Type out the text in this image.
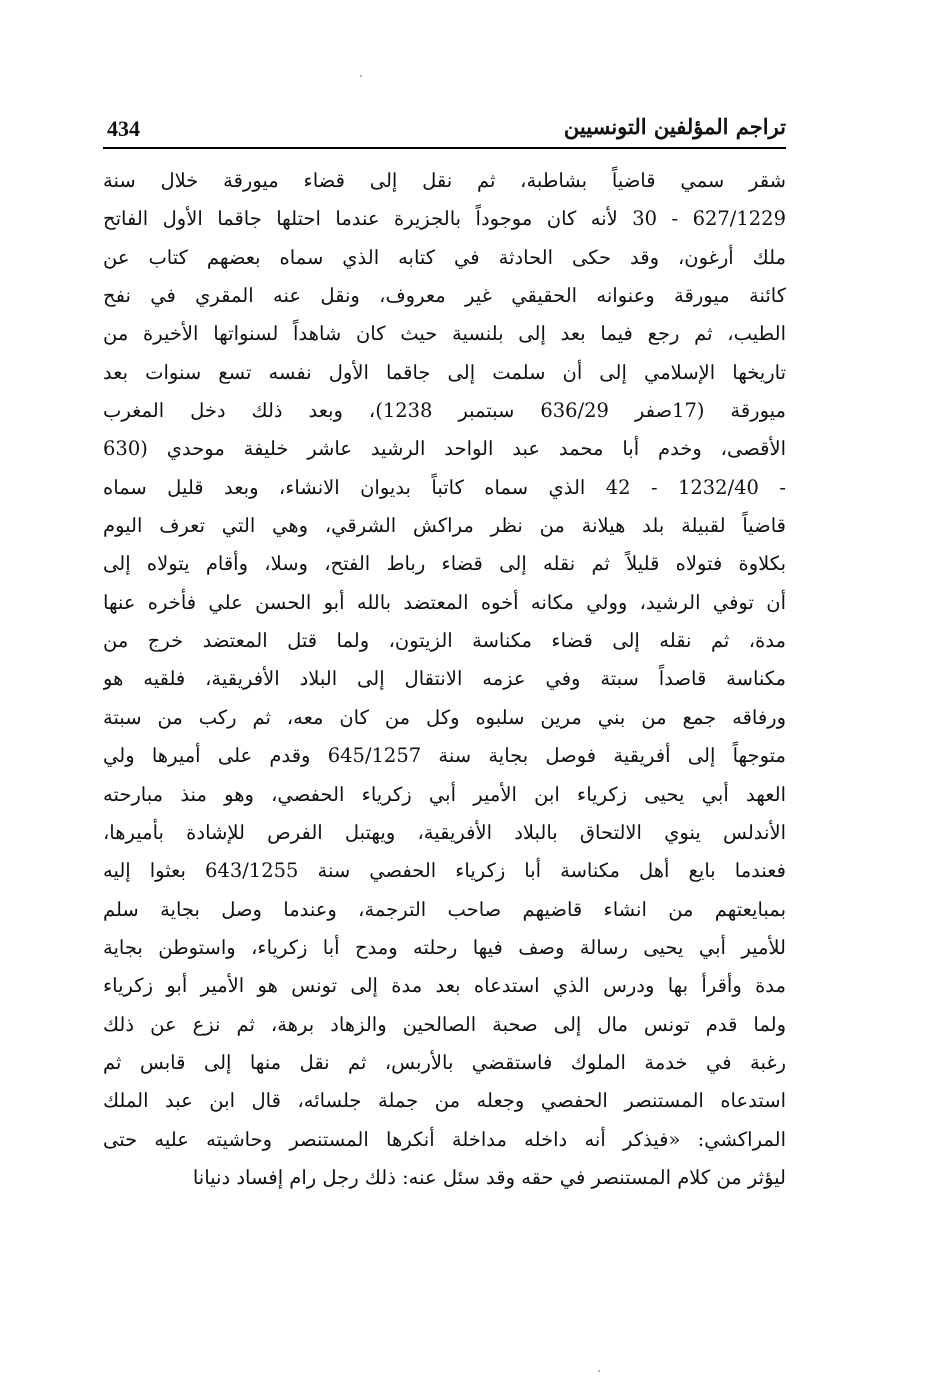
تراجم المؤلفين التونسيين
434
شقر سمي قاضياً بشاطبة، ثم نقل إلى قضاء ميورقة خلال سنة
627/1229 - 30 لأنه كان موجوداً بالجزيرة عندما احتلها جاقما الأول الفاتح
ملك أرغون، وقد حكى الحادثة في كتابه الذي سماه بعضهم كتاب عن
كائنة ميورقة وعنوانه الحقيقي غير معروف، ونقل عنه المقري في نفح
الطيب، ثم رجع فيما بعد إلى بلنسية حيث كان شاهداً لسنواتها الأخيرة من
تاريخها الإسلامي إلى أن سلمت إلى جاقما الأول نفسه تسع سنوات بعد
ميورقة (17صفر 636/29 سبتمبر 1238)، وبعد ذلك دخل المغرب
الأقصى، وخدم أبا محمد عبد الواحد الرشيد عاشر خليفة موحدي (630
- 1232/40 - 42 الذي سماه كاتباً بديوان الانشاء، وبعد قليل سماه
قاضياً لقبيلة بلد هيلانة من نظر مراكش الشرقي، وهي التي تعرف اليوم
بكلاوة فتولاه قليلاً ثم نقله إلى قضاء رباط الفتح، وسلا، وأقام يتولاه إلى
أن توفي الرشيد، وولي مكانه أخوه المعتضد بالله أبو الحسن علي فأخره عنها
مدة، ثم نقله إلى قضاء مكناسة الزيتون، ولما قتل المعتضد خرج من
مكناسة قاصداً سبتة وفي عزمه الانتقال إلى البلاد الأفريقية، فلقيه هو
ورفاقه جمع من بني مرين سلبوه وكل من كان معه، ثم ركب من سبتة
متوجهاً إلى أفريقية فوصل بجاية سنة 645/1257 وقدم على أميرها ولي
العهد أبي يحيى زكرياء ابن الأمير أبي زكرياء الحفصي، وهو منذ مبارحته
الأندلس ينوي الالتحاق بالبلاد الأفريقية، ويهتبل الفرص للإشادة بأميرها،
فعندما بايع أهل مكناسة أبا زكرياء الحفصي سنة 643/1255 بعثوا إليه
بمبايعتهم من انشاء قاضيهم صاحب الترجمة، وعندما وصل بجاية سلم
للأمير أبي يحيى رسالة وصف فيها رحلته ومدح أبا زكرياء، واستوطن بجاية
مدة وأقرأ بها ودرس الذي استدعاه بعد مدة إلى تونس هو الأمير أبو زكرياء
ولما قدم تونس مال إلى صحبة الصالحين والزهاد برهة، ثم نزع عن ذلك
رغبة في خدمة الملوك فاستقضي بالأربس، ثم نقل منها إلى قابس ثم
استدعاه المستنصر الحفصي وجعله من جملة جلسائه، قال ابن عبد الملك
المراكشي: «فيذكر أنه داخله مداخلة أنكرها المستنصر وحاشيته عليه حتى
ليؤثر من كلام المستنصر في حقه وقد سئل عنه: ذلك رجل رام إفساد دنيانا
